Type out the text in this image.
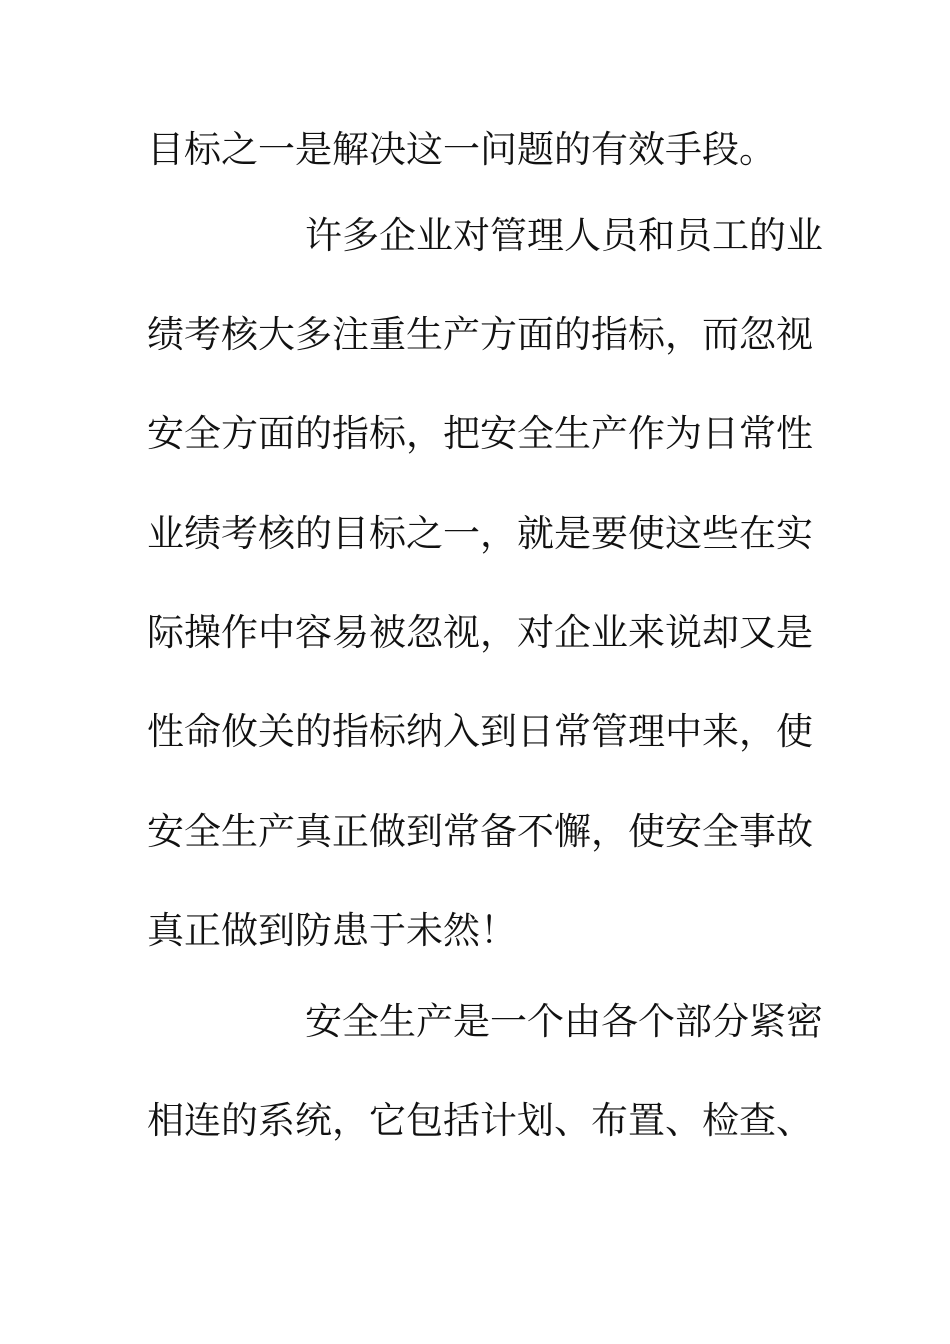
目标之一是解决这一问题的有效手段。
许多企业对管理人员和员工的业
绩考核大多注重生产方面的指标，而忽视
安全方面的指标，把安全生产作为日常性
业绩考核的目标之一，就是要使这些在实
际操作中容易被忽视，对企业来说却又是
性命攸关的指标纳入到日常管理中来，使
安全生产真正做到常备不懈，使安全事故
真正做到防患于未然！
安全生产是一个由各个部分紧密
相连的系统，它包括计划、布置、检查、
